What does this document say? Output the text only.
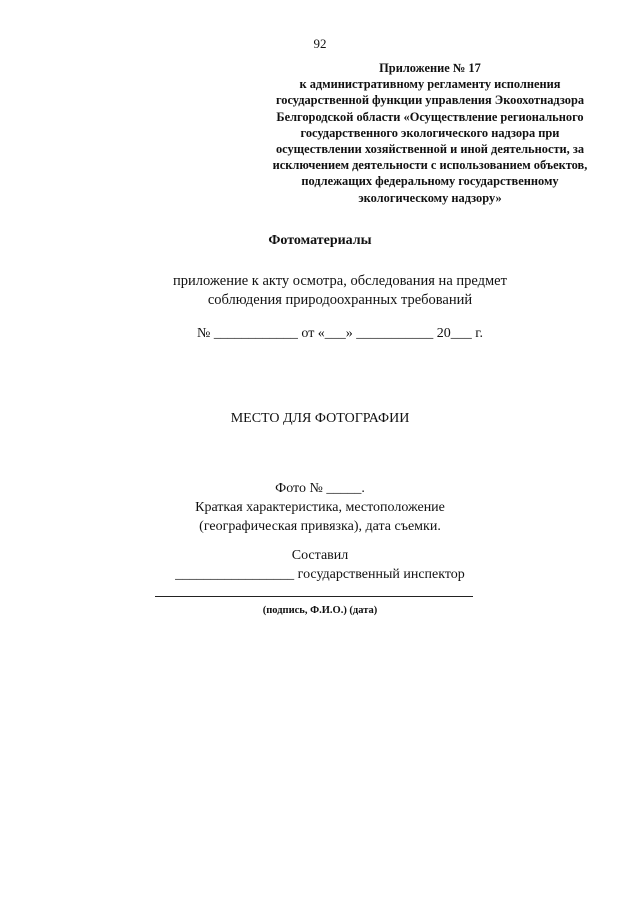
92
Приложение № 17
к административному регламенту исполнения
государственной функции управления Экоохотнадзора
Белгородской области «Осуществление регионального
государственного экологического надзора при
осуществлении хозяйственной и иной деятельности, за
исключением деятельности с использованием объектов,
подлежащих федеральному государственному
экологическому надзору»
Фотоматериалы
приложение к акту осмотра, обследования на предмет
соблюдения природоохранных требований
№ ____________ от «___» ___________ 20___ г.
МЕСТО ДЛЯ ФОТОГРАФИИ
Фото № _____.
Краткая характеристика, местоположение
(географическая привязка), дата съемки.
Составил
_________________ государственный инспектор
(подпись, Ф.И.О.) (дата)
